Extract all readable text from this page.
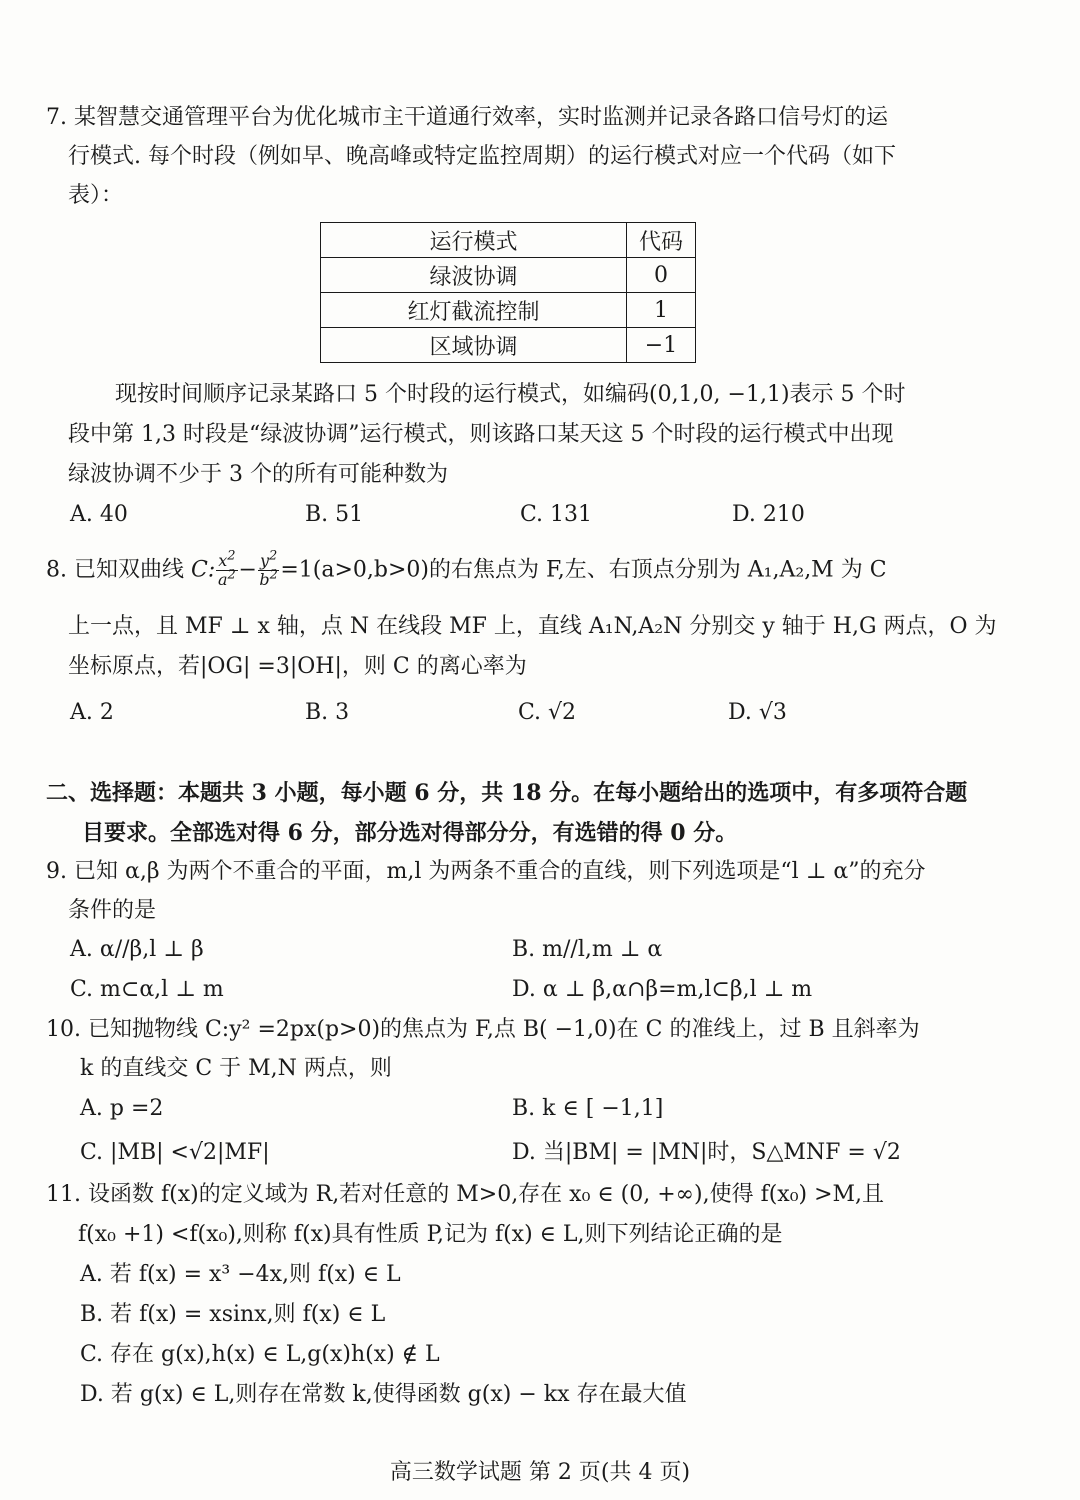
7. 某智慧交通管理平台为优化城市主干道通行效率，实时监测并记录各路口信号灯的运
行模式. 每个时段（例如早、晚高峰或特定监控周期）的运行模式对应一个代码（如下
表）：
运行模式	代码
绿波协调	0
红灯截流控制	1
区域协调	−1
现按时间顺序记录某路口 5 个时段的运行模式，如编码(0,1,0, −1,1)表示 5 个时
段中第 1,3 时段是“绿波协调”运行模式，则该路口某天这 5 个时段的运行模式中出现
绿波协调不少于 3 个的所有可能种数为
A. 40	B. 51	C. 131	D. 210
8. 已知双曲线 C: $\frac{x^2}{a^2} - \frac{y^2}{b^2} =1(a>0,b>0)$的右焦点为 F,左、右顶点分别为 A₁,A₂,M 为 C
上一点，且 MF ⊥ x 轴，点 N 在线段 MF 上，直线 A₁N,A₂N 分别交 y 轴于 H,G 两点，O 为
坐标原点，若|OG| =3|OH|，则 C 的离心率为
A. 2	B. 3	C. √2	D. √3
二、选择题：本题共 3 小题，每小题 6 分，共 18 分。在每小题给出的选项中，有多项符合题
目要求。全部选对得 6 分，部分选对得部分分，有选错的得 0 分。
9. 已知 α,β 为两个不重合的平面，m,l 为两条不重合的直线，则下列选项是“l ⊥ α”的充分
条件的是
A. α//β,l ⊥ β	B. m//l,m ⊥ α
C. m⊂α,l ⊥ m	D. α ⊥ β,α∩β=m,l⊂β,l ⊥ m
10. 已知抛物线 C:y² =2px(p>0)的焦点为 F,点 B( −1,0)在 C 的准线上，过 B 且斜率为
k 的直线交 C 于 M,N 两点，则
A. p =2	B. k ∈ [ −1,1]
C. |MB| <√2|MF|	D. 当|BM| = |MN|时，S△MNF = √2
11. 设函数 f(x)的定义域为 R,若对任意的 M>0,存在 x₀ ∈ (0, +∞),使得 f(x₀) >M,且
f(x₀ +1) <f(x₀),则称 f(x)具有性质 P,记为 f(x) ∈ L,则下列结论正确的是
A. 若 f(x) = x³ −4x,则 f(x) ∈ L
B. 若 f(x) = xsinx,则 f(x) ∈ L
C. 存在 g(x),h(x) ∈ L,g(x)h(x) ∉ L
D. 若 g(x) ∈ L,则存在常数 k,使得函数 g(x) − kx 存在最大值
高三数学试题 第 2 页(共 4 页)
